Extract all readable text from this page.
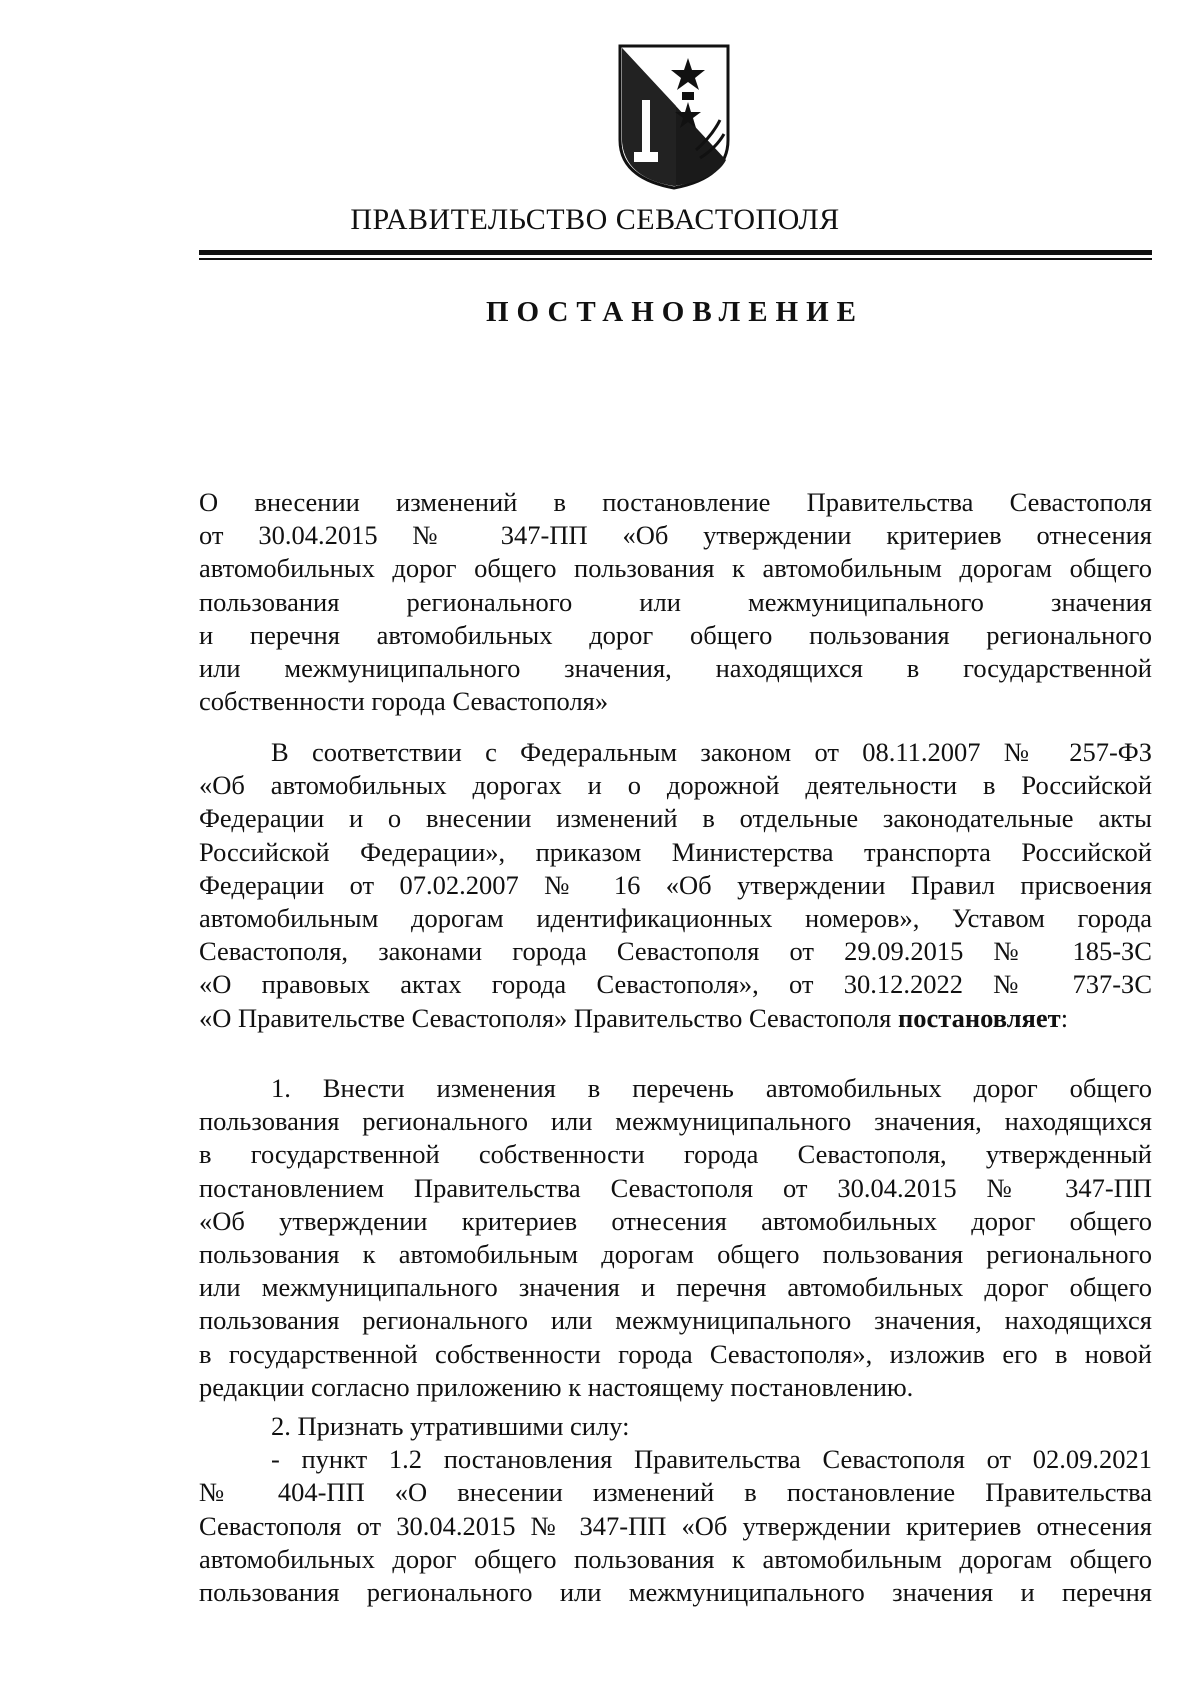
ПРАВИТЕЛЬСТВО СЕВАСТОПОЛЯ
ПОСТАНОВЛЕНИЕ
О внесении изменений в постановление Правительства Севастополя
от 30.04.2015 № 347-ПП «Об утверждении критериев отнесения
автомобильных дорог общего пользования к автомобильным дорогам общего
пользования регионального или межмуниципального значения
и перечня автомобильных дорог общего пользования регионального
или межмуниципального значения, находящихся в государственной
собственности города Севастополя»
В соответствии с Федеральным законом от 08.11.2007 № 257-ФЗ
«Об автомобильных дорогах и о дорожной деятельности в Российской
Федерации и о внесении изменений в отдельные законодательные акты
Российской Федерации», приказом Министерства транспорта Российской
Федерации от 07.02.2007 № 16 «Об утверждении Правил присвоения
автомобильным дорогам идентификационных номеров», Уставом города
Севастополя, законами города Севастополя от 29.09.2015 № 185-ЗС
«О правовых актах города Севастополя», от 30.12.2022 № 737-ЗС
«О Правительстве Севастополя» Правительство Севастополя постановляет:
1. Внести изменения в перечень автомобильных дорог общего
пользования регионального или межмуниципального значения, находящихся
в государственной собственности города Севастополя, утвержденный
постановлением Правительства Севастополя от 30.04.2015 № 347-ПП
«Об утверждении критериев отнесения автомобильных дорог общего
пользования к автомобильным дорогам общего пользования регионального
или межмуниципального значения и перечня автомобильных дорог общего
пользования регионального или межмуниципального значения, находящихся
в государственной собственности города Севастополя», изложив его в новой
редакции согласно приложению к настоящему постановлению.
2. Признать утратившими силу:
- пункт 1.2 постановления Правительства Севастополя от 02.09.2021
№ 404-ПП «О внесении изменений в постановление Правительства
Севастополя от 30.04.2015 № 347-ПП «Об утверждении критериев отнесения
автомобильных дорог общего пользования к автомобильным дорогам общего
пользования регионального или межмуниципального значения и перечня
